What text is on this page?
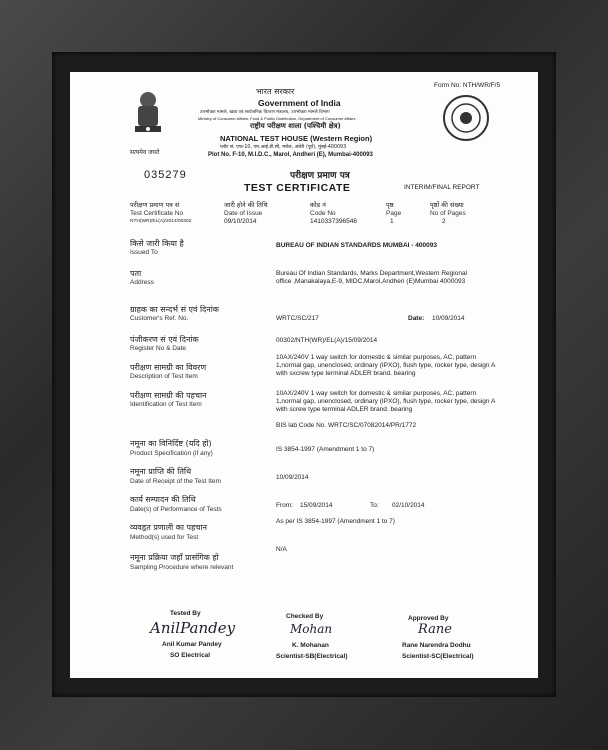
Form No: NTH/WR/F/5
सत्यमेव जयते
भारत सरकार
Government of India
उपभोक्ता मामले, खाद्य एवं सार्वजनिक वितरण मंत्रालय, उपभोक्ता मामले विभाग
Ministry of Consumer Affairs, Food & Public Distribution, Department of Consumer Affairs
राष्ट्रीय परीक्षण शाला (पश्चिमी क्षेत्र)
NATIONAL TEST HOUSE (Western Region)
प्लॉट सं. एफ-10, एम.आई.डी.सी, मरोल, अंधेरी (पूर्व), मुंबई-400093
Plot No. F-10, M.I.D.C., Marol, Andheri (E), Mumbai-400093
035279	परीक्षण प्रमाण पत्र
TEST CERTIFICATE	INTERIM/FINAL REPORT
परीक्षण प्रमाण पत्र सं
Test Certificate No
NTH(WR)/EL(A)/2014/00302
जारी होने की तिथि
Date of Issue
09/10/2014
कोड नं
Code No
1410337396546
पृष्ठ
Page
1
पृष्ठों की संख्या
No of Pages
2
किसे जारी किया है
Issued To
BUREAU OF INDIAN STANDARDS MUMBAI - 400093
पता
Address
Bureau Of Indian Standards, Marks Department,Western Regional office ,Manakalaya,E-9, MIDC,Marol,Andheri (E)Mumbai 4000093
ग्राहक का सन्दर्भ सं एवं दिनांक
Customer's Ref. No.	WRTC/SC/217	Date: 10/09/2014
पंजीकरण सं एवं दिनांक
Register No & Date
00302/NTH(WR)/EL(A)/15/09/2014
परीक्षण सामग्री का विवरण
Description of Test Item
10AX/240V 1 way switch for domestic & similar purposes, AC, pattern 1,normal gap, unenclosed, ordinary (IPXO), flush type, rocker type, design A with sxcrew type terminal ADLER brand. bearing
परीक्षण सामग्री की पहचान
Identification of Test Item
10AX/240V 1 way switch for domestic & similar purposes, AC, pattern 1,normal gap, unenclosed, ordinary (IPXO), flush type, rocker type, design A with screw type terminal ADLER brand. bearing
BIS lab Code No. WRTC/SC/07082014/PR/1772
नमूना का विनिर्दिष्ट (यदि हो)
Product Specification (if any)
IS 3854-1997 (Amendment 1 to 7)
नमूना प्राप्ति की तिथि
Date of Receipt of the Test Item
10/09/2014
कार्य सम्पादन की तिथि
Date(s) of Performance of Tests
From: 15/09/2014	To: 02/10/2014
व्यवहृत प्रणाली का पहचान
Method(s) used for Test
As per IS 3854-1997 (Amendment 1 to 7)
नमूना प्रक्रिया जहाँ प्रासंगिक हो
Sampling Procedure where relevant
N/A
Tested By
AnilPandey
Anil Kumar Pandey
SO Electrical
Checked By
Mohan
K. Mohanan
Scientist-SB(Electrical)
Approved By
Rane
Rane Narendra Dodhu
Scientist-SC(Electrical)
